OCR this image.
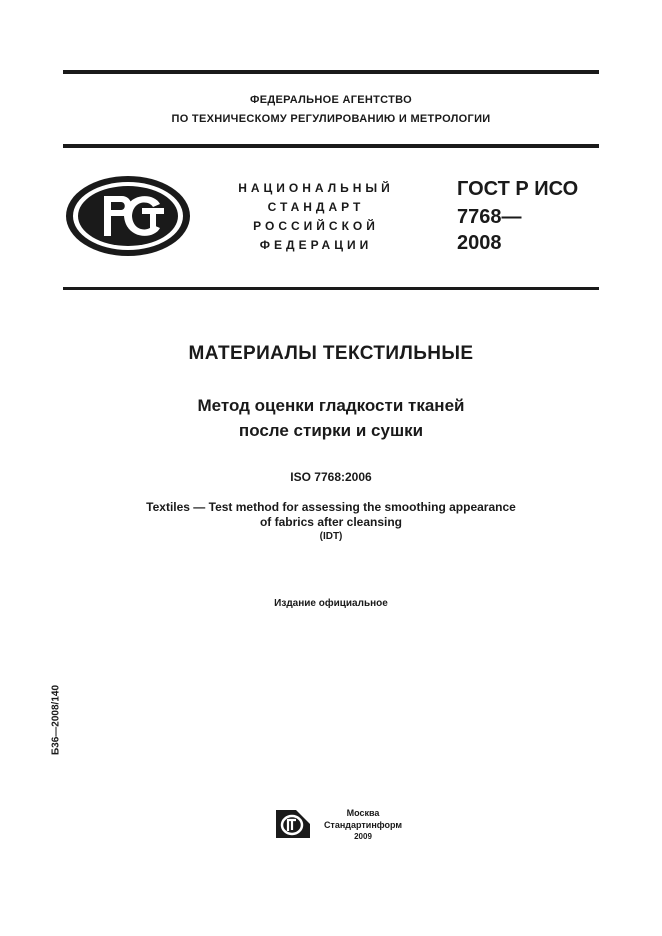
ФЕДЕРАЛЬНОЕ АГЕНТСТВО
ПО ТЕХНИЧЕСКОМУ РЕГУЛИРОВАНИЮ И МЕТРОЛОГИИ
НАЦИОНАЛЬНЫЙ
СТАНДАРТ
РОССИЙСКОЙ
ФЕДЕРАЦИИ
ГОСТ Р ИСО
7768—
2008
МАТЕРИАЛЫ ТЕКСТИЛЬНЫЕ
Метод оценки гладкости тканей
после стирки и сушки
ISO 7768:2006
Textiles — Test method for assessing the smoothing appearance
of fabrics after cleansing
(IDT)
Издание официальное
Б36—2008/140
Москва
Стандартинформ
2009
